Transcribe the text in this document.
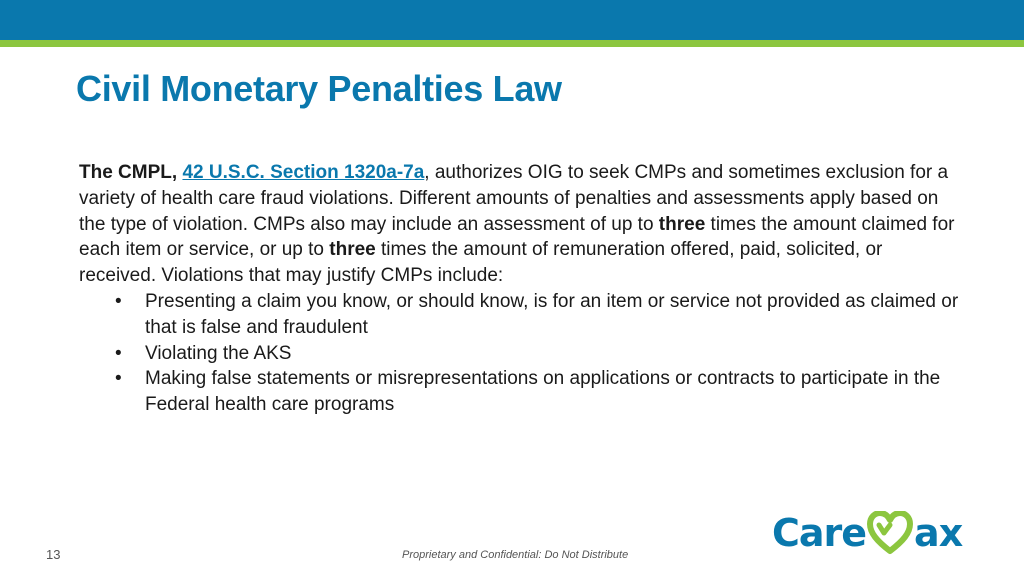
Civil Monetary Penalties Law

The CMPL, 42 U.S.C. Section 1320a-7a, authorizes OIG to seek CMPs and sometimes exclusion for a variety of health care fraud violations. Different amounts of penalties and assessments apply based on the type of violation. CMPs also may include an assessment of up to three times the amount claimed for each item or service, or up to three times the amount of remuneration offered, paid, solicited, or received. Violations that may justify CMPs include:

• Presenting a claim you know, or should know, is for an item or service not provided as claimed or that is false and fraudulent
• Violating the AKS
• Making false statements or misrepresentations on applications or contracts to participate in the Federal health care programs
13	Proprietary and Confidential: Do Not Distribute	Care ax
